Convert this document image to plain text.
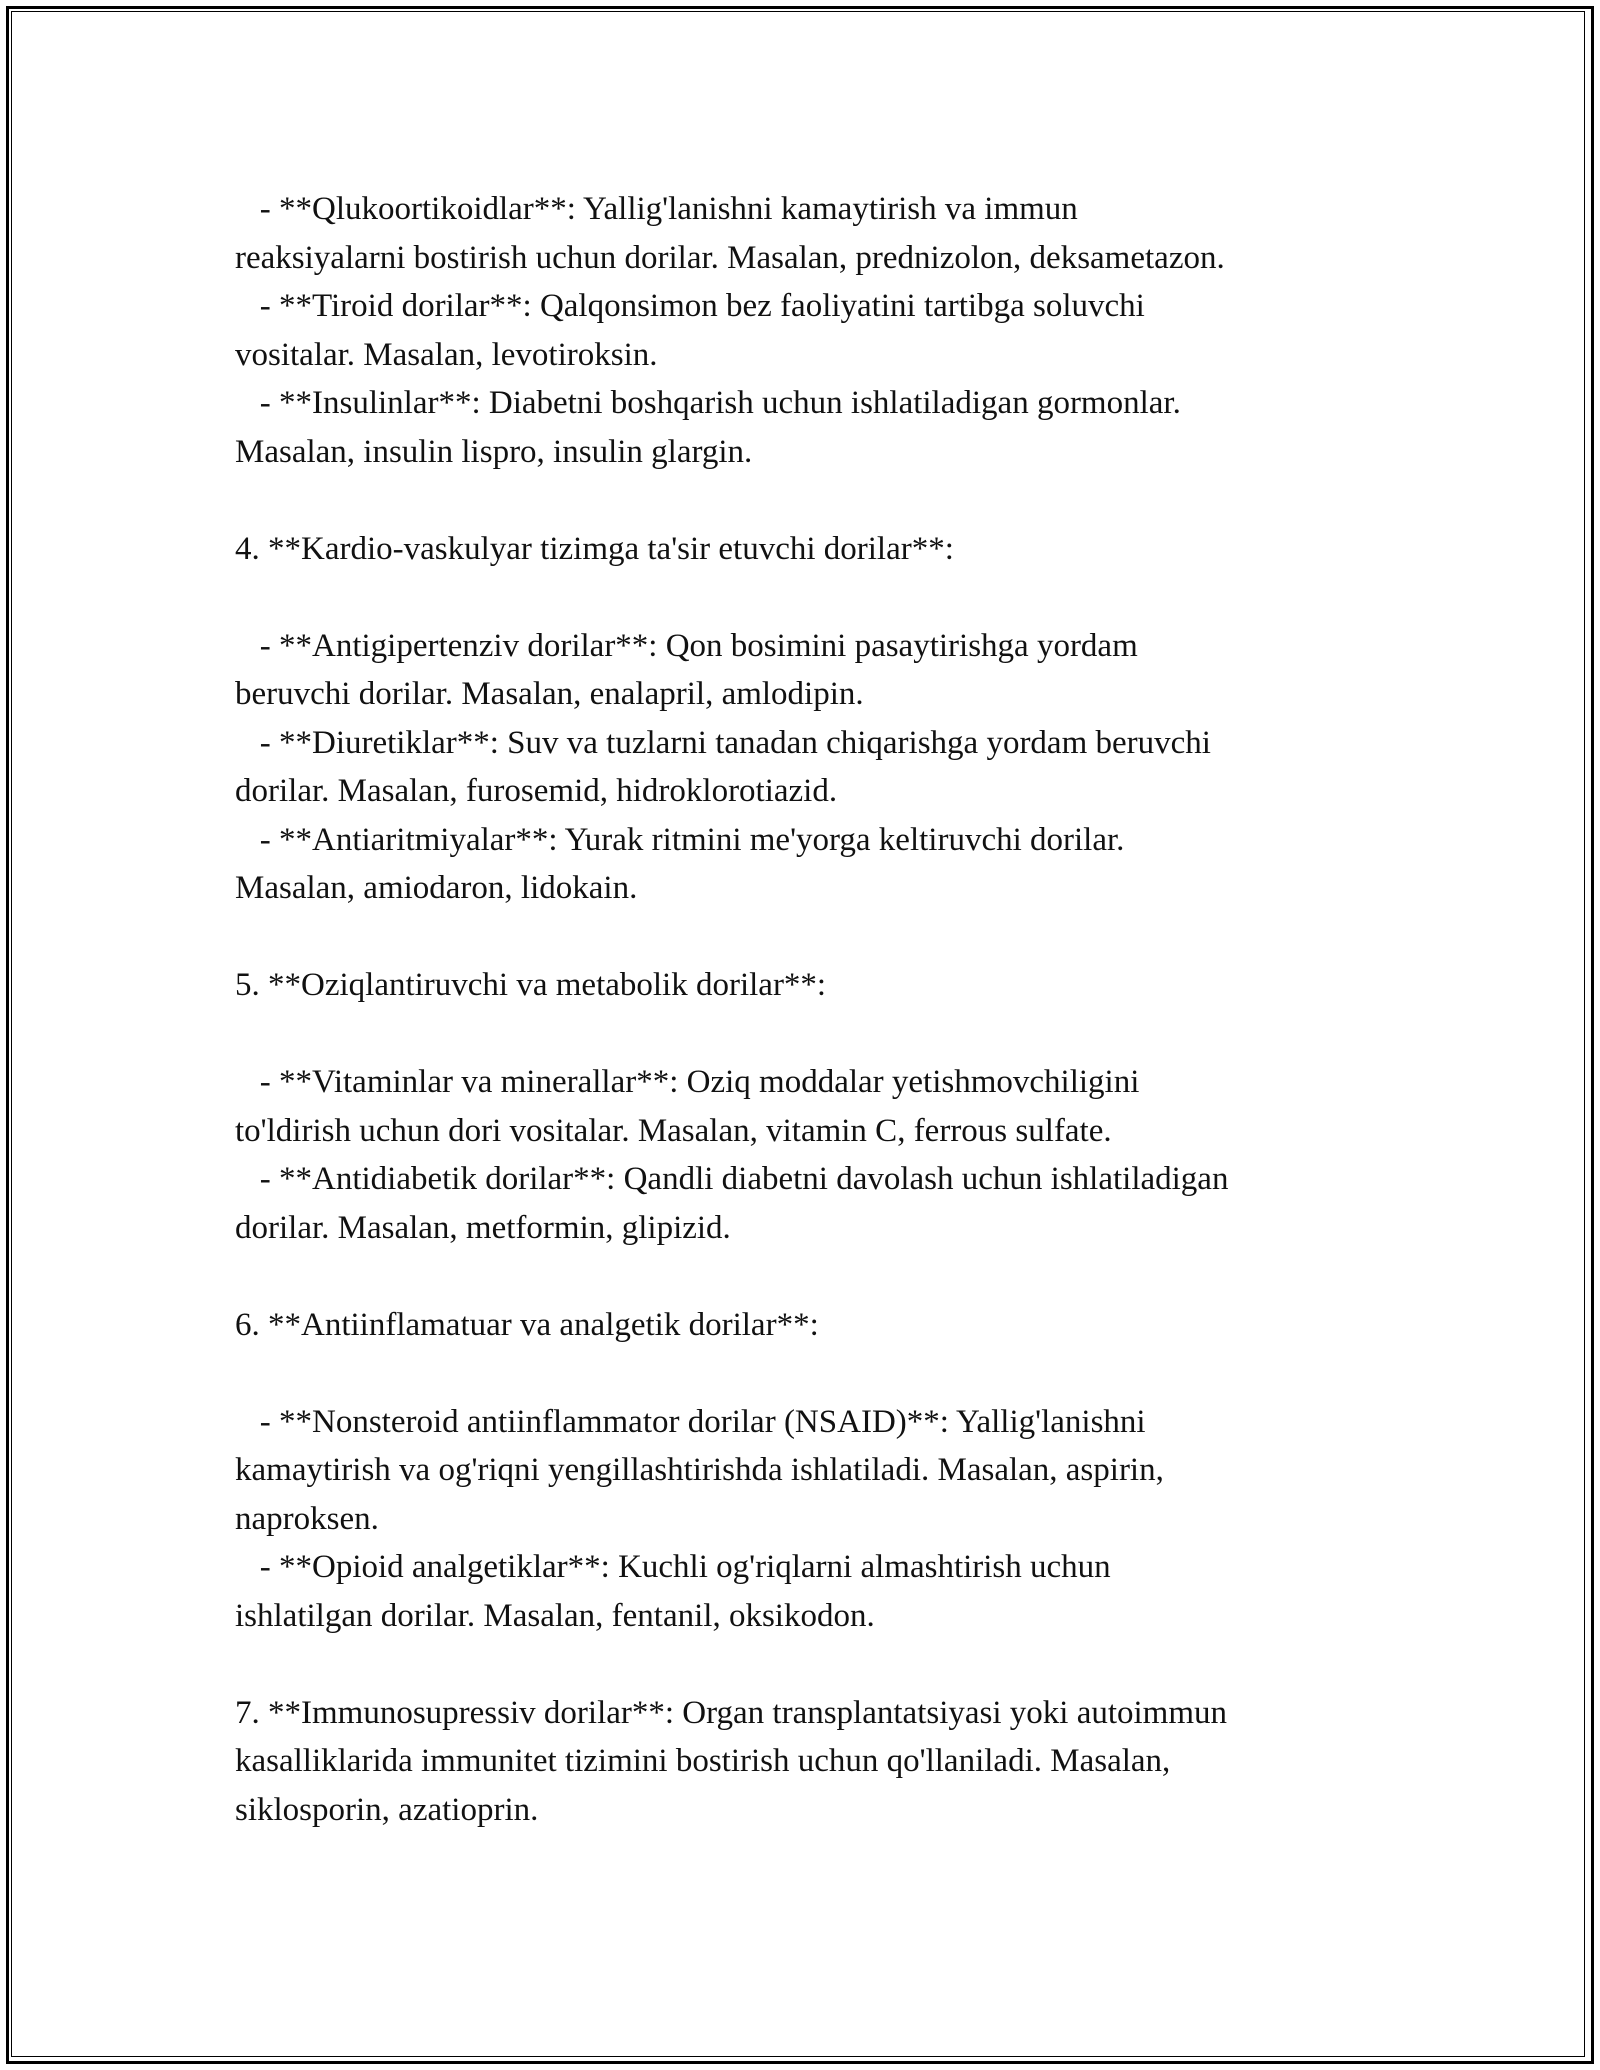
- **Qlukoortikoidlar**: Yallig'lanishni kamaytirish va immun
reaksiyalarni bostirish uchun dorilar. Masalan, prednizolon, deksametazon.
- **Tiroid dorilar**: Qalqonsimon bez faoliyatini tartibga soluvchi
vositalar. Masalan, levotiroksin.
- **Insulinlar**: Diabetni boshqarish uchun ishlatiladigan gormonlar.
Masalan, insulin lispro, insulin glargin.
4. **Kardio-vaskulyar tizimga ta'sir etuvchi dorilar**:
- **Antigipertenziv dorilar**: Qon bosimini pasaytirishga yordam
beruvchi dorilar. Masalan, enalapril, amlodipin.
- **Diuretiklar**: Suv va tuzlarni tanadan chiqarishga yordam beruvchi
dorilar. Masalan, furosemid, hidroklorotiazid.
- **Antiaritmiyalar**: Yurak ritmini me'yorga keltiruvchi dorilar.
Masalan, amiodaron, lidokain.
5. **Oziqlantiruvchi va metabolik dorilar**:
- **Vitaminlar va minerallar**: Oziq moddalar yetishmovchiligini
to'ldirish uchun dori vositalar. Masalan, vitamin C, ferrous sulfate.
- **Antidiabetik dorilar**: Qandli diabetni davolash uchun ishlatiladigan
dorilar. Masalan, metformin, glipizid.
6. **Antiinflamatuar va analgetik dorilar**:
- **Nonsteroid antiinflammator dorilar (NSAID)**: Yallig'lanishni
kamaytirish va og'riqni yengillashtirishda ishlatiladi. Masalan, aspirin,
naproksen.
- **Opioid analgetiklar**: Kuchli og'riqlarni almashtirish uchun
ishlatilgan dorilar. Masalan, fentanil, oksikodon.
7. **Immunosupressiv dorilar**: Organ transplantatsiyasi yoki autoimmun
kasalliklarida immunitet tizimini bostirish uchun qo'llaniladi. Masalan,
siklosporin, azatioprin.
